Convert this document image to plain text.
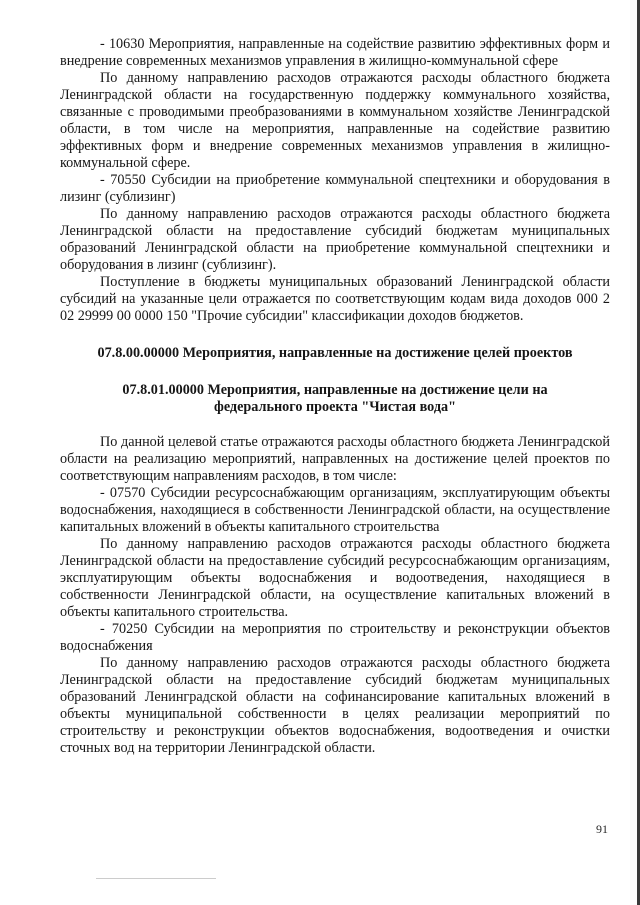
- 10630 Мероприятия, направленные на содействие развитию эффективных форм и внедрение современных механизмов управления в жилищно-коммунальной сфере

По данному направлению расходов отражаются расходы областного бюджета Ленинградской области на государственную поддержку коммунального хозяйства, связанные с проводимыми преобразованиями в коммунальном хозяйстве Ленинградской области, в том числе на мероприятия, направленные на содействие развитию эффективных форм и внедрение современных механизмов управления в жилищно-коммунальной сфере.

- 70550 Субсидии на приобретение коммунальной спецтехники и оборудования в лизинг (сублизинг)

По данному направлению расходов отражаются расходы областного бюджета Ленинградской области на предоставление субсидий бюджетам муниципальных образований Ленинградской области на приобретение коммунальной спецтехники и оборудования в лизинг (сублизинг).

Поступление в бюджеты муниципальных образований Ленинградской области субсидий на указанные цели отражается по соответствующим кодам вида доходов 000 2 02 29999 00 0000 150 "Прочие субсидии" классификации доходов бюджетов.

07.8.00.00000 Мероприятия, направленные на достижение целей проектов

07.8.01.00000 Мероприятия, направленные на достижение цели на

федерального проекта "Чистая вода"

По данной целевой статье отражаются расходы областного бюджета Ленинградской области на реализацию мероприятий, направленных на достижение целей проектов по соответствующим направлениям расходов, в том числе:

- 07570 Субсидии ресурсоснабжающим организациям, эксплуатирующим объекты водоснабжения, находящиеся в собственности Ленинградской области, на осуществление капитальных вложений в объекты капитального строительства

По данному направлению расходов отражаются расходы областного бюджета Ленинградской области на предоставление субсидий ресурсоснабжающим организациям, эксплуатирующим объекты водоснабжения и водоотведения, находящиеся в собственности Ленинградской области, на осуществление капитальных вложений в объекты капитального строительства.

- 70250 Субсидии на мероприятия по строительству и реконструкции объектов водоснабжения

По данному направлению расходов отражаются расходы областного бюджета Ленинградской области на предоставление субсидий бюджетам муниципальных образований Ленинградской области на софинансирование капитальных вложений в объекты муниципальной собственности в целях реализации мероприятий по строительству и реконструкции объектов водоснабжения, водоотведения и очистки сточных вод на территории Ленинградской области.

91
